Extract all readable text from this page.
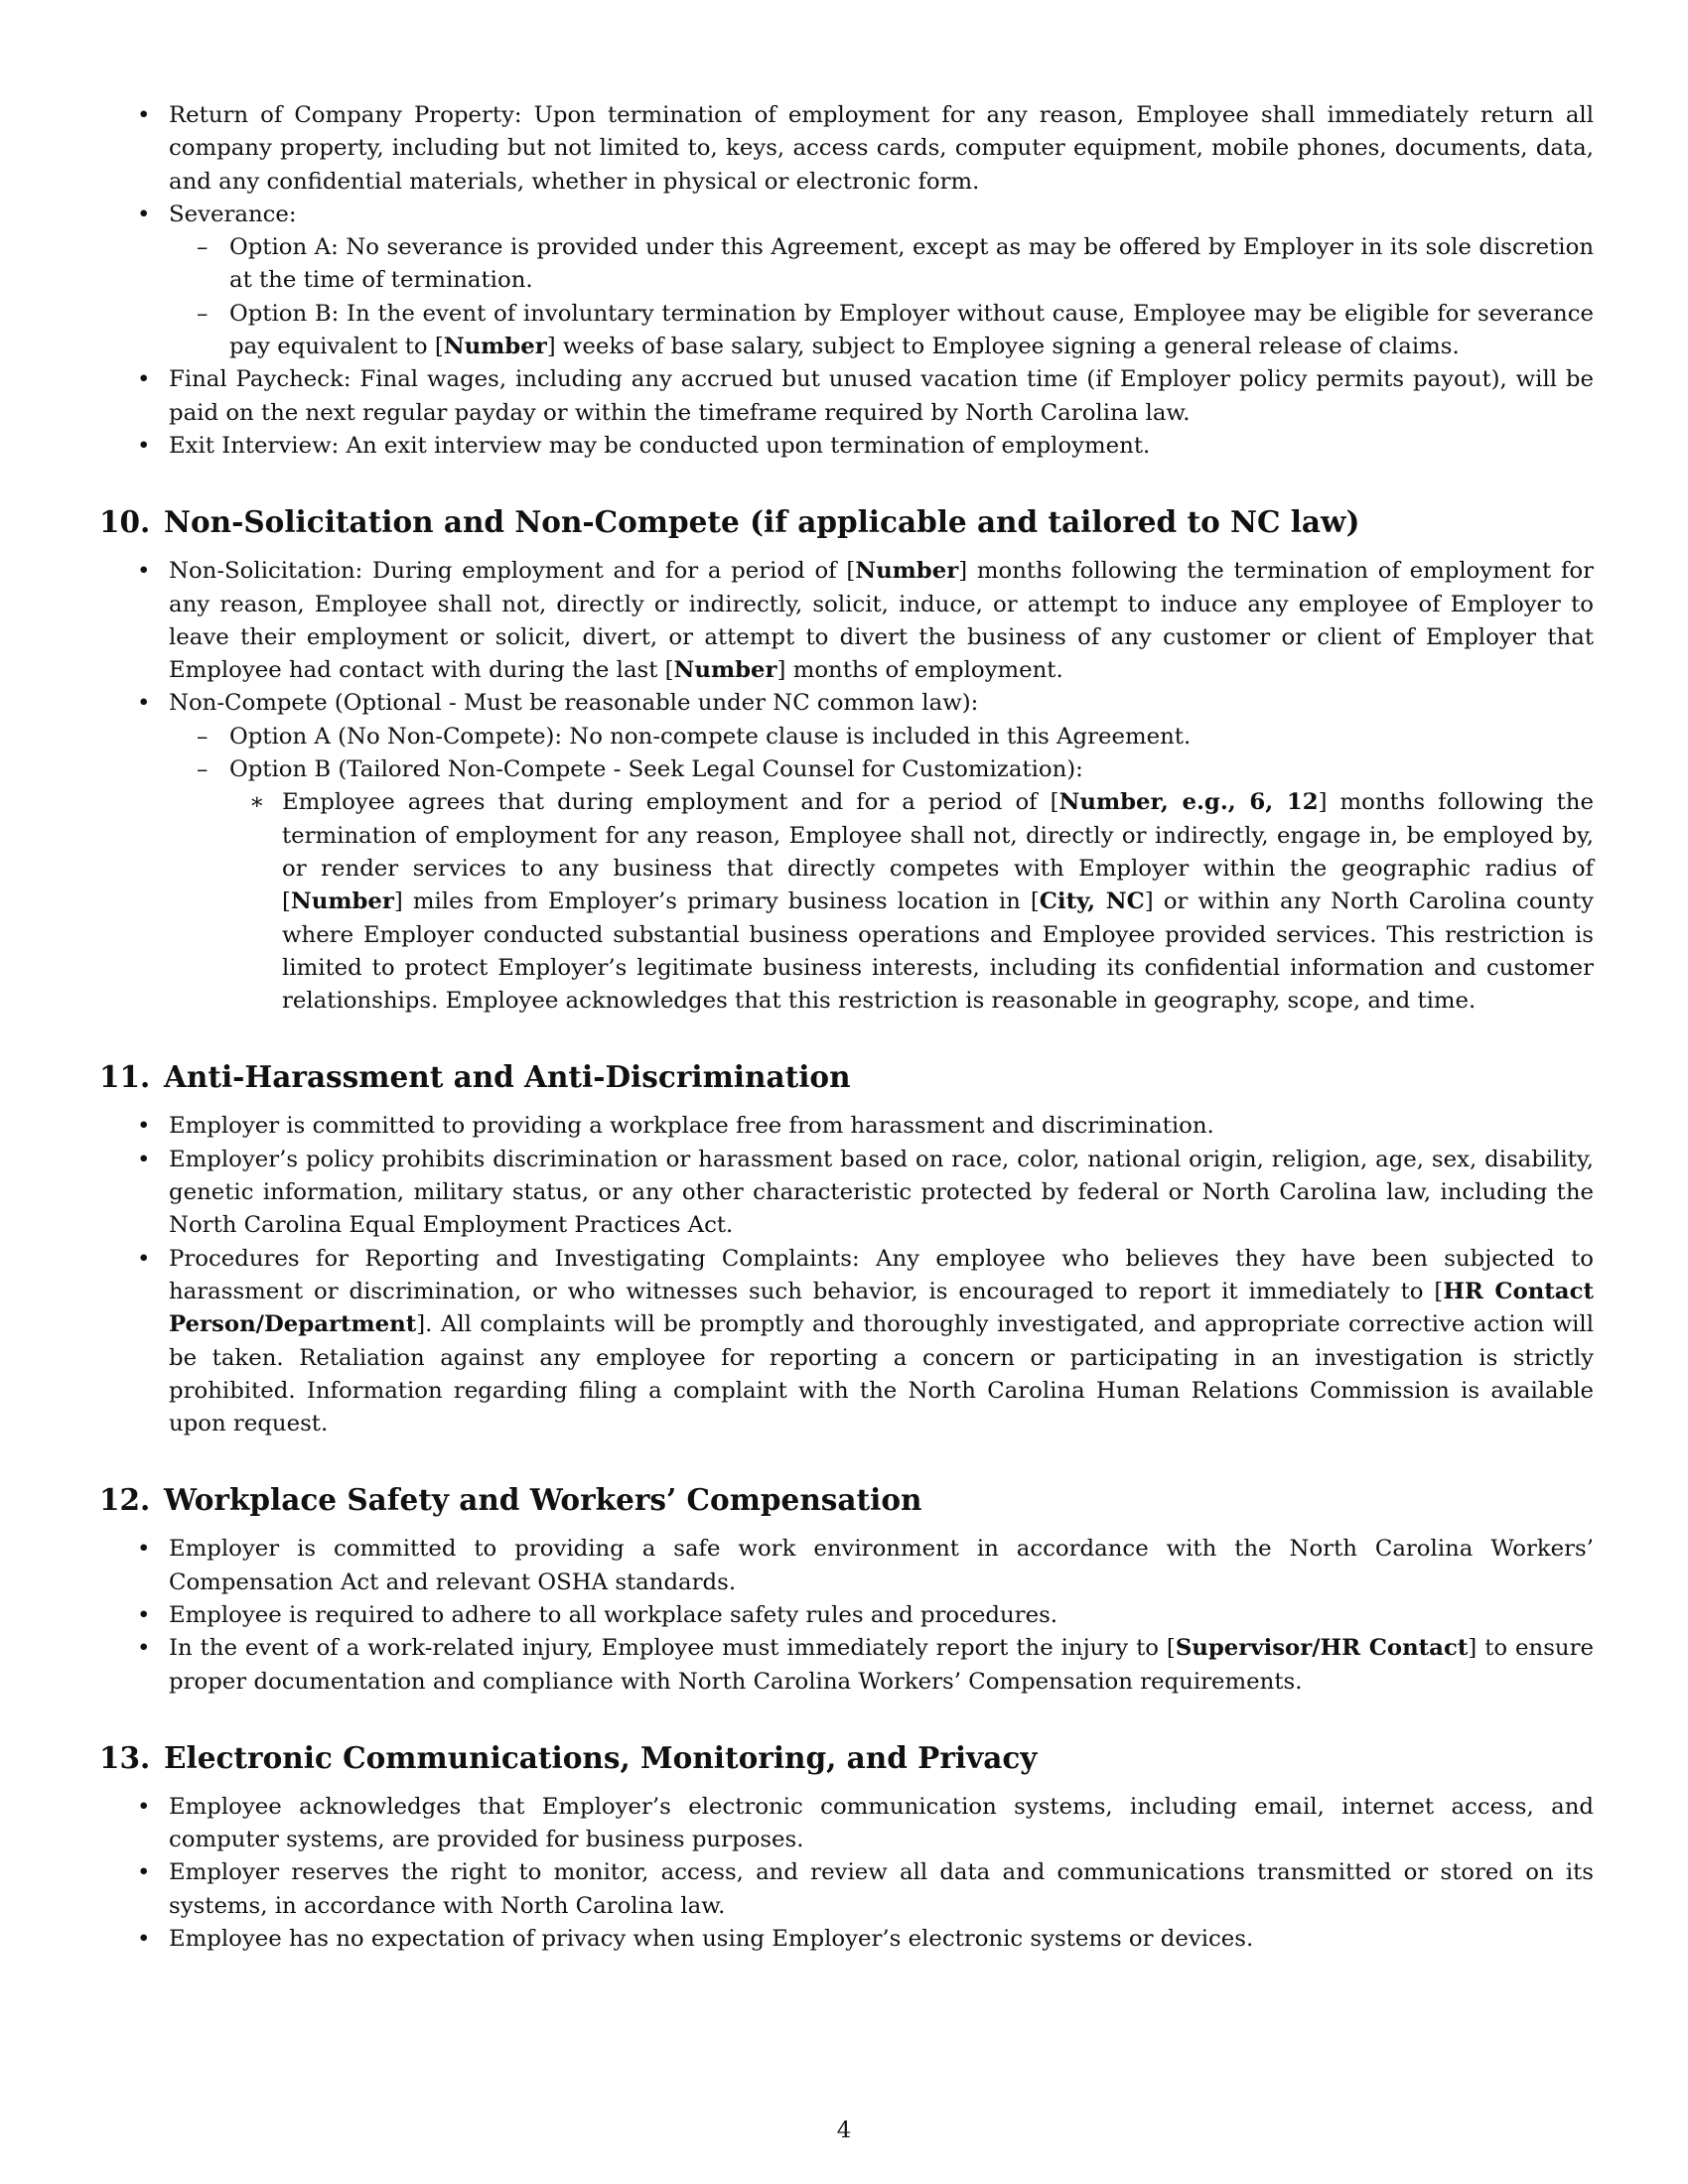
• Return of Company Property: Upon termination of employment for any reason, Employee shall immediately return all company property, including but not limited to, keys, access cards, computer equipment, mobile phones, documents, data, and any confidential materials, whether in physical or electronic form.
• Severance:
– Option A: No severance is provided under this Agreement, except as may be offered by Employer in its sole discretion at the time of termination.
– Option B: In the event of involuntary termination by Employer without cause, Employee may be eligible for severance pay equivalent to [Number] weeks of base salary, subject to Employee signing a general release of claims.
• Final Paycheck: Final wages, including any accrued but unused vacation time (if Employer policy permits payout), will be paid on the next regular payday or within the timeframe required by North Carolina law.
• Exit Interview: An exit interview may be conducted upon termination of employment.
10. Non-Solicitation and Non-Compete (if applicable and tailored to NC law)
• Non-Solicitation: During employment and for a period of [Number] months following the termination of employment for any reason, Employee shall not, directly or indirectly, solicit, induce, or attempt to induce any employee of Employer to leave their employment or solicit, divert, or attempt to divert the business of any customer or client of Employer that Employee had contact with during the last [Number] months of employment.
• Non-Compete (Optional - Must be reasonable under NC common law):
– Option A (No Non-Compete): No non-compete clause is included in this Agreement.
– Option B (Tailored Non-Compete - Seek Legal Counsel for Customization):
∗ Employee agrees that during employment and for a period of [Number, e.g., 6, 12] months following the termination of employment for any reason, Employee shall not, directly or indirectly, engage in, be employed by, or render services to any business that directly competes with Employer within the geographic radius of [Number] miles from Employer’s primary business location in [City, NC] or within any North Carolina county where Employer conducted substantial business operations and Employee provided services. This restriction is limited to protect Employer’s legitimate business interests, including its confidential information and customer relationships. Employee acknowledges that this restriction is reasonable in geography, scope, and time.
11. Anti-Harassment and Anti-Discrimination
• Employer is committed to providing a workplace free from harassment and discrimination.
• Employer’s policy prohibits discrimination or harassment based on race, color, national origin, religion, age, sex, disability, genetic information, military status, or any other characteristic protected by federal or North Carolina law, including the North Carolina Equal Employment Practices Act.
• Procedures for Reporting and Investigating Complaints: Any employee who believes they have been subjected to harassment or discrimination, or who witnesses such behavior, is encouraged to report it immediately to [HR Contact Person/Department]. All complaints will be promptly and thoroughly investigated, and appropriate corrective action will be taken. Retaliation against any employee for reporting a concern or participating in an investigation is strictly prohibited. Information regarding filing a complaint with the North Carolina Human Relations Commission is available upon request.
12. Workplace Safety and Workers’ Compensation
• Employer is committed to providing a safe work environment in accordance with the North Carolina Workers’ Compensation Act and relevant OSHA standards.
• Employee is required to adhere to all workplace safety rules and procedures.
• In the event of a work-related injury, Employee must immediately report the injury to [Supervisor/HR Contact] to ensure proper documentation and compliance with North Carolina Workers’ Compensation requirements.
13. Electronic Communications, Monitoring, and Privacy
• Employee acknowledges that Employer’s electronic communication systems, including email, internet access, and computer systems, are provided for business purposes.
• Employer reserves the right to monitor, access, and review all data and communications transmitted or stored on its systems, in accordance with North Carolina law.
• Employee has no expectation of privacy when using Employer’s electronic systems or devices.
4
